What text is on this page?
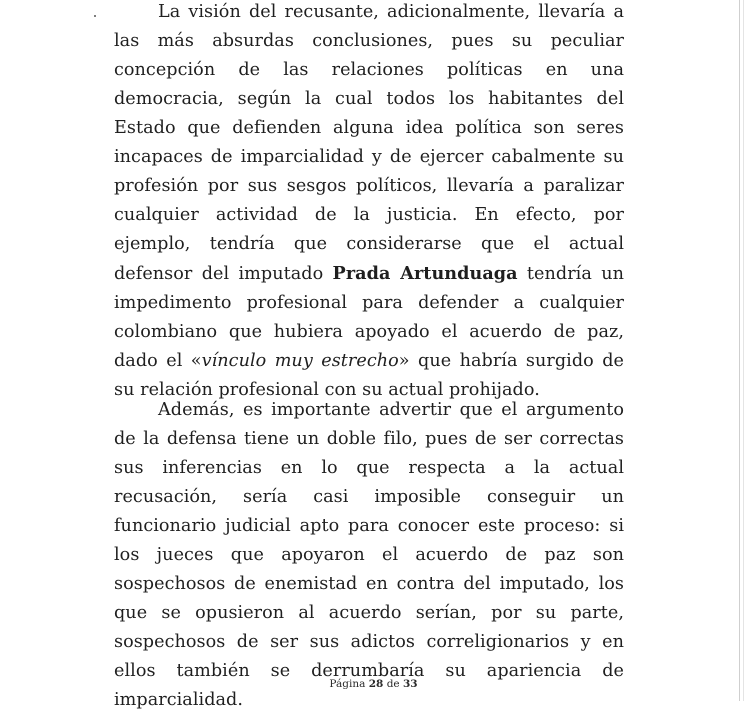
La visión del recusante, adicionalmente, llevaría a las más absurdas conclusiones, pues su peculiar concepción de las relaciones políticas en una democracia, según la cual todos los habitantes del Estado que defienden alguna idea política son seres incapaces de imparcialidad y de ejercer cabalmente su profesión por sus sesgos políticos, llevaría a paralizar cualquier actividad de la justicia. En efecto, por ejemplo, tendría que considerarse que el actual defensor del imputado Prada Artunduaga tendría un impedimento profesional para defender a cualquier colombiano que hubiera apoyado el acuerdo de paz, dado el «vínculo muy estrecho» que habría surgido de su relación profesional con su actual prohijado.

Además, es importante advertir que el argumento de la defensa tiene un doble filo, pues de ser correctas sus inferencias en lo que respecta a la actual recusación, sería casi imposible conseguir un funcionario judicial apto para conocer este proceso: si los jueces que apoyaron el acuerdo de paz son sospechosos de enemistad en contra del imputado, los que se opusieron al acuerdo serían, por su parte, sospechosos de ser sus adictos correligionarios y en ellos también se derrumbaría su apariencia de imparcialidad.

Página 28 de 33
